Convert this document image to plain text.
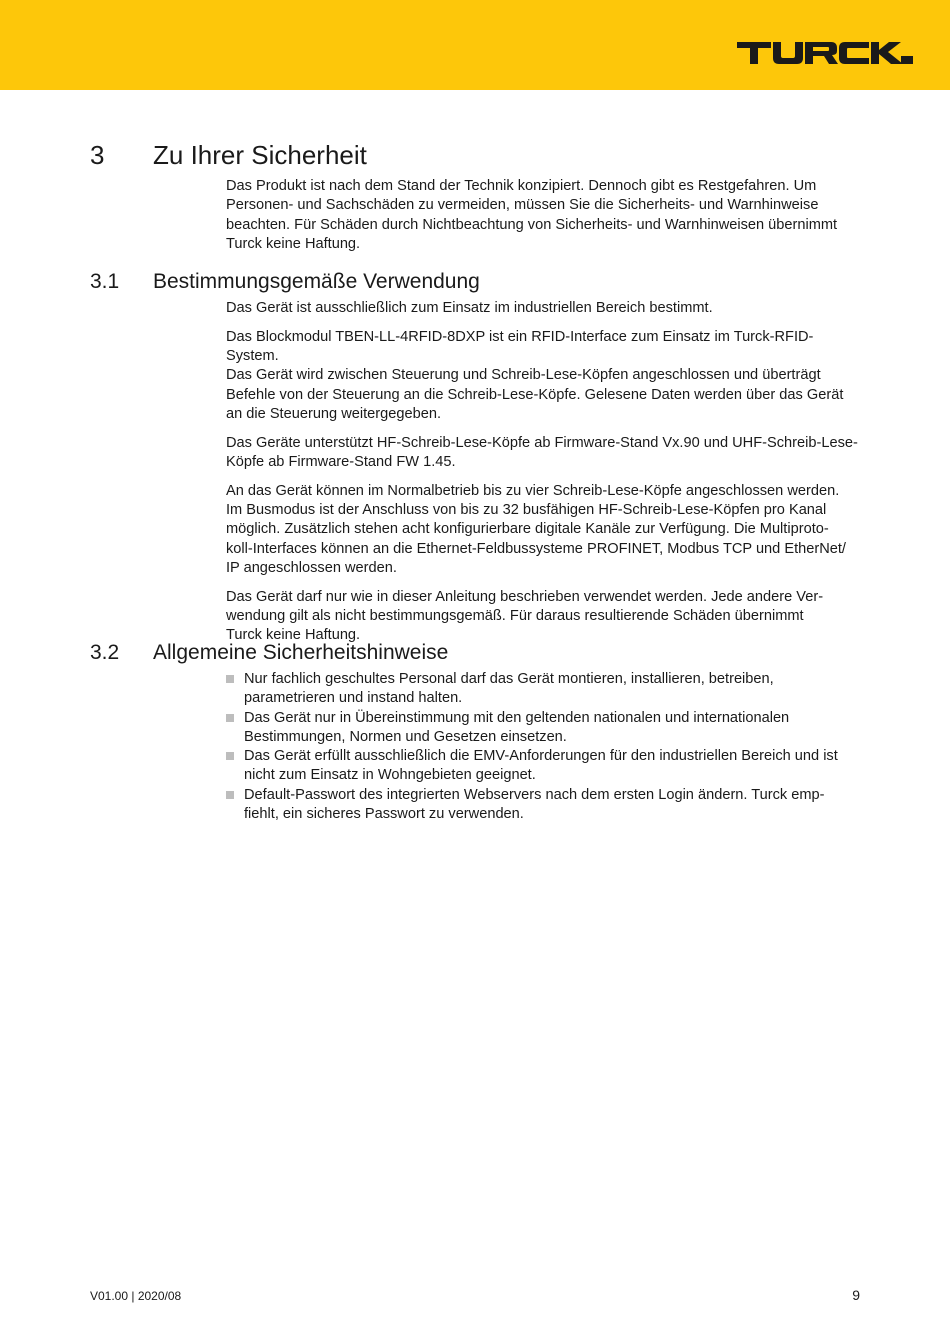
3 Zu Ihrer Sicherheit

Das Produkt ist nach dem Stand der Technik konzipiert. Dennoch gibt es Restgefahren. Um
Personen- und Sachschäden zu vermeiden, müssen Sie die Sicherheits- und Warnhinweise
beachten. Für Schäden durch Nichtbeachtung von Sicherheits- und Warnhinweisen übernimmt
Turck keine Haftung.

3.1 Bestimmungsgemäße Verwendung

Das Gerät ist ausschließlich zum Einsatz im industriellen Bereich bestimmt.

Das Blockmodul TBEN-LL-4RFID-8DXP ist ein RFID-Interface zum Einsatz im Turck-RFID-System.
Das Gerät wird zwischen Steuerung und Schreib-Lese-Köpfen angeschlossen und überträgt
Befehle von der Steuerung an die Schreib-Lese-Köpfe. Gelesene Daten werden über das Gerät
an die Steuerung weitergegeben.

Das Geräte unterstützt HF-Schreib-Lese-Köpfe ab Firmware-Stand Vx.90 und UHF-Schreib-Lese-
Köpfe ab Firmware-Stand FW 1.45.

An das Gerät können im Normalbetrieb bis zu vier Schreib-Lese-Köpfe angeschlossen werden.
Im Busmodus ist der Anschluss von bis zu 32 busfähigen HF-Schreib-Lese-Köpfen pro Kanal
möglich. Zusätzlich stehen acht konfigurierbare digitale Kanäle zur Verfügung. Die Multiproto-
koll-Interfaces können an die Ethernet-Feldbussysteme PROFINET, Modbus TCP und EtherNet/
IP angeschlossen werden.

Das Gerät darf nur wie in dieser Anleitung beschrieben verwendet werden. Jede andere Ver-
wendung gilt als nicht bestimmungsgemäß. Für daraus resultierende Schäden übernimmt
Turck keine Haftung.

3.2 Allgemeine Sicherheitshinweise
Nur fachlich geschultes Personal darf das Gerät montieren, installieren, betreiben,
parametrieren und instand halten.
Das Gerät nur in Übereinstimmung mit den geltenden nationalen und internationalen
Bestimmungen, Normen und Gesetzen einsetzen.
Das Gerät erfüllt ausschließlich die EMV-Anforderungen für den industriellen Bereich und ist
nicht zum Einsatz in Wohngebieten geeignet.
Default-Passwort des integrierten Webservers nach dem ersten Login ändern. Turck emp-
fiehlt, ein sicheres Passwort zu verwenden.
V01.00 | 2020/08	9
